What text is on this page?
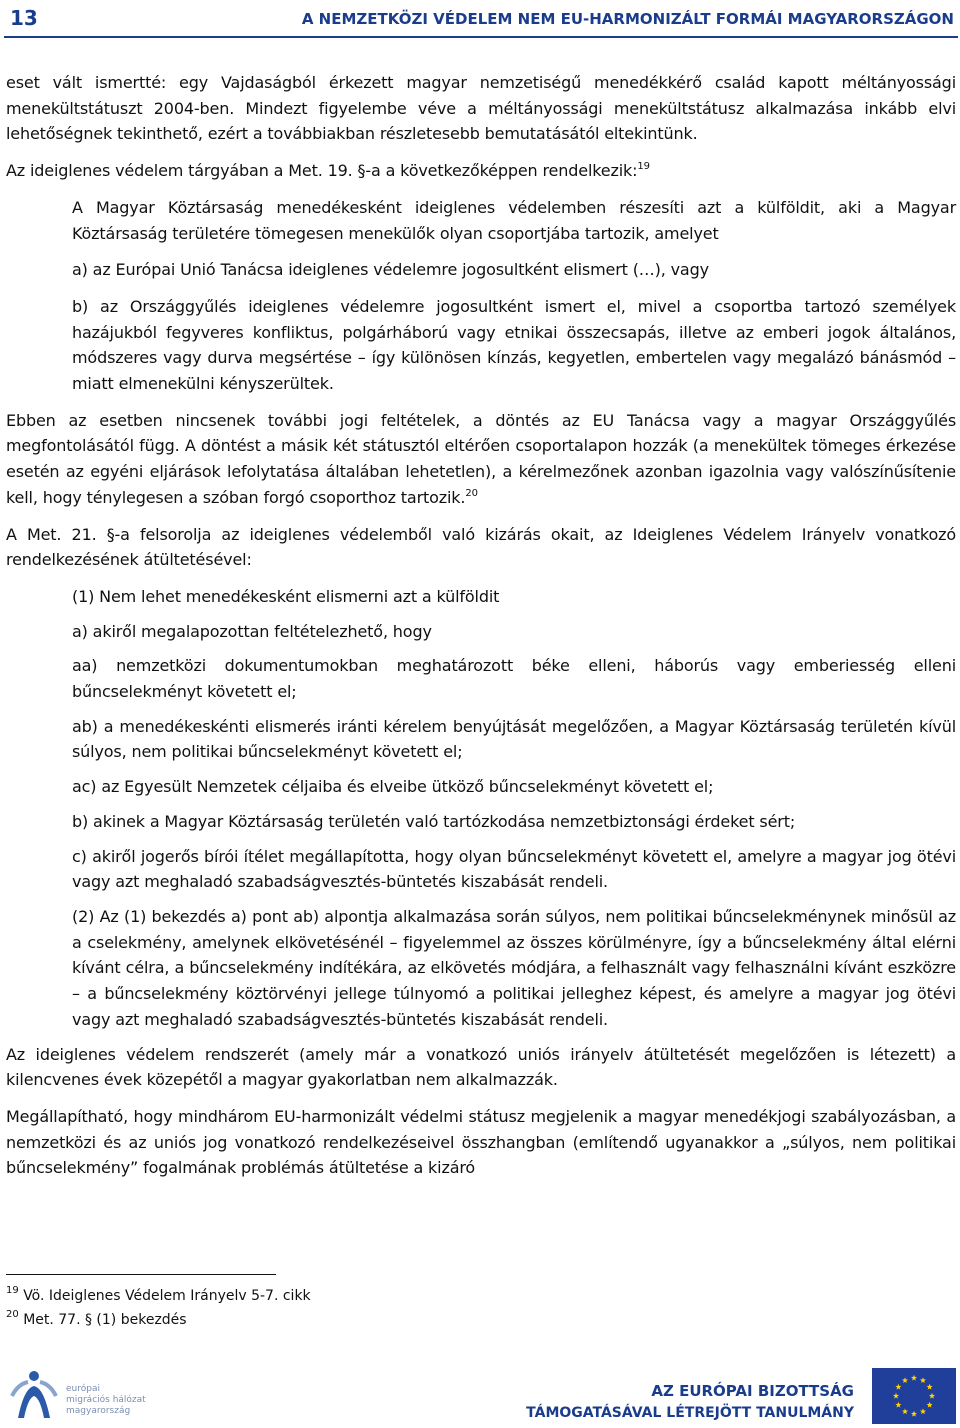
13	A NEMZETKÖZI VÉDELEM NEM EU-HARMONIZÁLT FORMÁI MAGYARORSZÁGON

eset vált ismertté: egy Vajdaságból érkezett magyar nemzetiségű menedékkérő család kapott méltányossági menekültstátuszt 2004-ben. Mindezt figyelembe véve a méltányossági menekültstátusz alkalmazása inkább elvi lehetőségnek tekinthető, ezért a továbbiakban részletesebb bemutatásától eltekintünk.

Az ideiglenes védelem tárgyában a Met. 19. §-a a következőképpen rendelkezik:$^{19}$

A Magyar Köztársaság menedékesként ideiglenes védelemben részesíti azt a külföldit, aki a Magyar Köztársaság területére tömegesen menekülők olyan csoportjába tartozik, amelyet

a) az Európai Unió Tanácsa ideiglenes védelemre jogosultként elismert (…), vagy

b) az Országgyűlés ideiglenes védelemre jogosultként ismert el, mivel a csoportba tartozó személyek hazájukból fegyveres konfliktus, polgárháború vagy etnikai összecsapás, illetve az emberi jogok általános, módszeres vagy durva megsértése – így különösen kínzás, kegyetlen, embertelen vagy megalázó bánásmód – miatt elmenekülni kényszerültek.

Ebben az esetben nincsenek további jogi feltételek, a döntés az EU Tanácsa vagy a magyar Országgyűlés megfontolásától függ. A döntést a másik két státusztól eltérően csoportalapon hozzák (a menekültek tömeges érkezése esetén az egyéni eljárások lefolytatása általában lehetetlen), a kérelmezőnek azonban igazolnia vagy valószínűsítenie kell, hogy ténylegesen a szóban forgó csoporthoz tartozik.$^{20}$

A Met. 21. §-a felsorolja az ideiglenes védelemből való kizárás okait, az Ideiglenes Védelem Irányelv vonatkozó rendelkezésének átültetésével:

(1) Nem lehet menedékesként elismerni azt a külföldit

a) akiről megalapozottan feltételezhető, hogy

aa) nemzetközi dokumentumokban meghatározott béke elleni, háborús vagy emberiesség elleni bűncselekményt követett el;

ab) a menedékeskénti elismerés iránti kérelem benyújtását megelőzően, a Magyar Köztársaság területén kívül súlyos, nem politikai bűncselekményt követett el;

ac) az Egyesült Nemzetek céljaiba és elveibe ütköző bűncselekményt követett el;

b) akinek a Magyar Köztársaság területén való tartózkodása nemzetbiztonsági érdeket sért;

c) akiről jogerős bírói ítélet megállapította, hogy olyan bűncselekményt követett el, amelyre a magyar jog ötévi vagy azt meghaladó szabadságvesztés-büntetés kiszabását rendeli.

(2) Az (1) bekezdés a) pont ab) alpontja alkalmazása során súlyos, nem politikai bűncselekménynek minősül az a cselekmény, amelynek elkövetésénél – figyelemmel az összes körülményre, így a bűncselekmény által elérni kívánt célra, a bűncselekmény indítékára, az elkövetés módjára, a felhasznált vagy felhasználni kívánt eszközre – a bűncselekmény köztörvényi jellege túlnyomó a politikai jelleghez képest, és amelyre a magyar jog ötévi vagy azt meghaladó szabadságvesztés-büntetés kiszabását rendeli.

Az ideiglenes védelem rendszerét (amely már a vonatkozó uniós irányelv átültetését megelőzően is létezett) a kilencvenes évek közepétől a magyar gyakorlatban nem alkalmazzák.

Megállapítható, hogy mindhárom EU-harmonizált védelmi státusz megjelenik a magyar menedékjogi szabályozásban, a nemzetközi és az uniós jog vonatkozó rendelkezéseivel összhangban (említendő ugyanakkor a „súlyos, nem politikai bűncselekmény” fogalmának problémás átültetése a kizáró

$^{19}$ Vö. Ideiglenes Védelem Irányelv 5-7. cikk
$^{20}$ Met. 77. § (1) bekezdés
európai
migrációs hálózat
magyarország
AZ EURÓPAI BIZOTTSÁG
TÁMOGATÁSÁVAL LÉTREJÖTT TANULMÁNY
